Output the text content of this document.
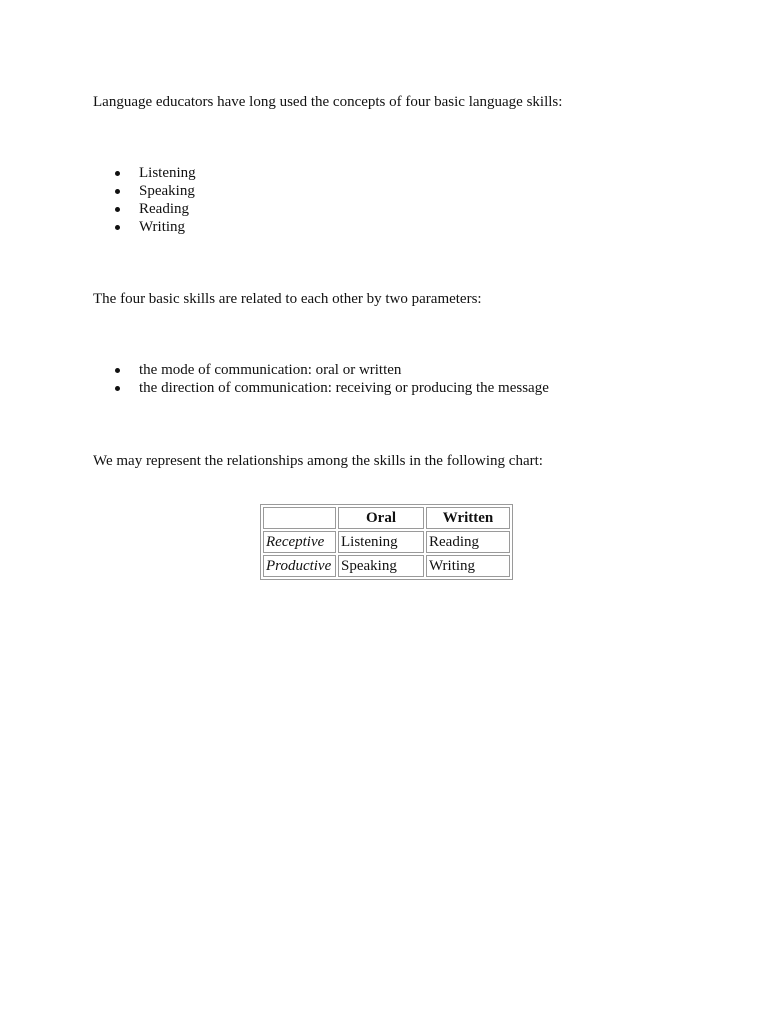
Language educators have long used the concepts of four basic language skills:

Listening
Speaking
Reading
Writing

The four basic skills are related to each other by two parameters:

the mode of communication: oral or written
the direction of communication: receiving or producing the message

We may represent the relationships among the skills in the following chart:

	Oral	Written
Receptive	Listening	Reading
Productive	Speaking	Writing
